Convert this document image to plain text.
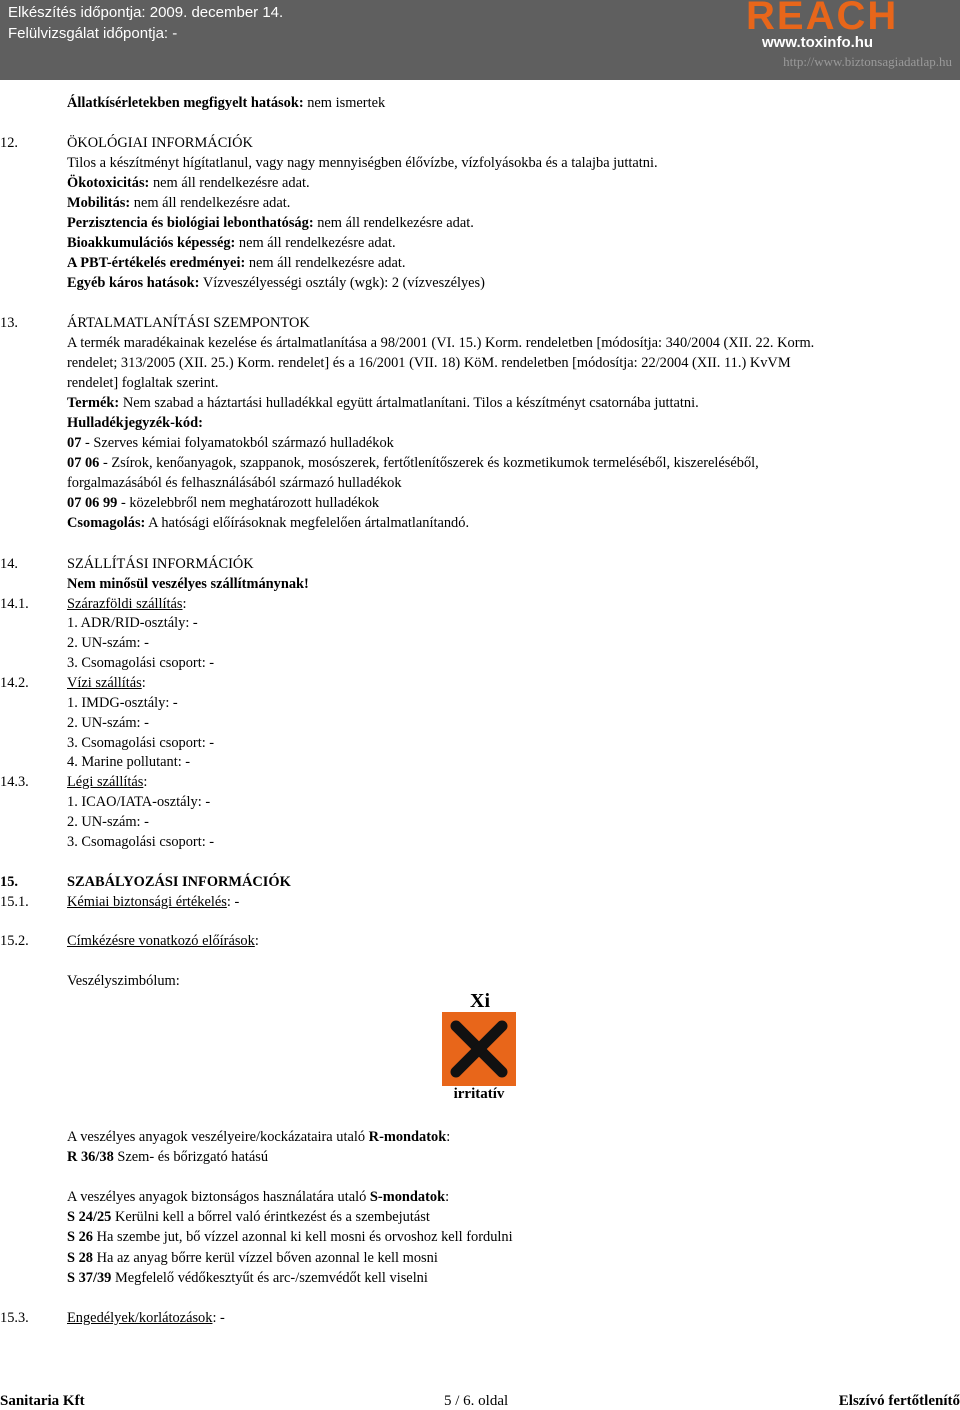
Elkészítés időpontja: 2009. december 14.
Felülvizsgálat időpontja: -	REACH
www.toxinfo.hu
http://www.biztonsagiadatlap.hu
Állatkísérletekben megfigyelt hatások: nem ismertek
12.	ÖKOLÓGIAI INFORMÁCIÓK
Tilos a készítményt hígítatlanul, vagy nagy mennyiségben élővízbe, vízfolyásokba és a talajba juttatni.
Ökotoxicitás: nem áll rendelkezésre adat.
Mobilitás: nem áll rendelkezésre adat.
Perzisztencia és biológiai lebonthatóság: nem áll rendelkezésre adat.
Bioakkumulációs képesség: nem áll rendelkezésre adat.
A PBT-értékelés eredményei: nem áll rendelkezésre adat.
Egyéb káros hatások: Vízveszélyességi osztály (wgk): 2 (vízveszélyes)
13.	ÁRTALMATLANÍTÁSI SZEMPONTOK
A termék maradékainak kezelése és ártalmatlanítása a 98/2001 (VI. 15.) Korm. rendeletben [módosítja: 340/2004 (XII. 22. Korm.
rendelet; 313/2005 (XII. 25.) Korm. rendelet] és a 16/2001 (VII. 18) KöM. rendeletben [módosítja: 22/2004 (XII. 11.) KvVM
rendelet] foglaltak szerint.
Termék: Nem szabad a háztartási hulladékkal együtt ártalmatlanítani. Tilos a készítményt csatornába juttatni.
Hulladékjegyzék-kód:
07 - Szerves kémiai folyamatokból származó hulladékok
07 06 - Zsírok, kenőanyagok, szappanok, mosószerek, fertőtlenítőszerek és kozmetikumok termeléséből, kiszereléséből,
forgalmazásából és felhasználásából származó hulladékok
07 06 99 - közelebbről nem meghatározott hulladékok
Csomagolás: A hatósági előírásoknak megfelelően ártalmatlanítandó.
14.	SZÁLLÍTÁSI INFORMÁCIÓK
Nem minősül veszélyes szállítmánynak!
14.1.	Szárazföldi szállítás:
1. ADR/RID-osztály: -
2. UN-szám: -
3. Csomagolási csoport: -
14.2.	Vízi szállítás:
1. IMDG-osztály: -
2. UN-szám: -
3. Csomagolási csoport: -
4. Marine pollutant: -
14.3.	Légi szállítás:
1. ICAO/IATA-osztály: -
2. UN-szám: -
3. Csomagolási csoport: -
15.	SZABÁLYOZÁSI INFORMÁCIÓK
15.1.	Kémiai biztonsági értékelés: -
15.2.	Címkézésre vonatkozó előírások:
Veszélyszimbólum:
Xi
irritatív
A veszélyes anyagok veszélyeire/kockázataira utaló R-mondatok:
R 36/38 Szem- és bőrizgató hatású
A veszélyes anyagok biztonságos használatára utaló S-mondatok:
S 24/25 Kerülni kell a bőrrel való érintkezést és a szembejutást
S 26 Ha szembe jut, bő vízzel azonnal ki kell mosni és orvoshoz kell fordulni
S 28 Ha az anyag bőrre kerül vízzel bőven azonnal le kell mosni
S 37/39 Megfelelő védőkesztyűt és arc-/szemvédőt kell viselni
15.3.	Engedélyek/korlátozások: -
Sanitaria Kft	5 / 6. oldal	Elszívó fertőtlenítő
